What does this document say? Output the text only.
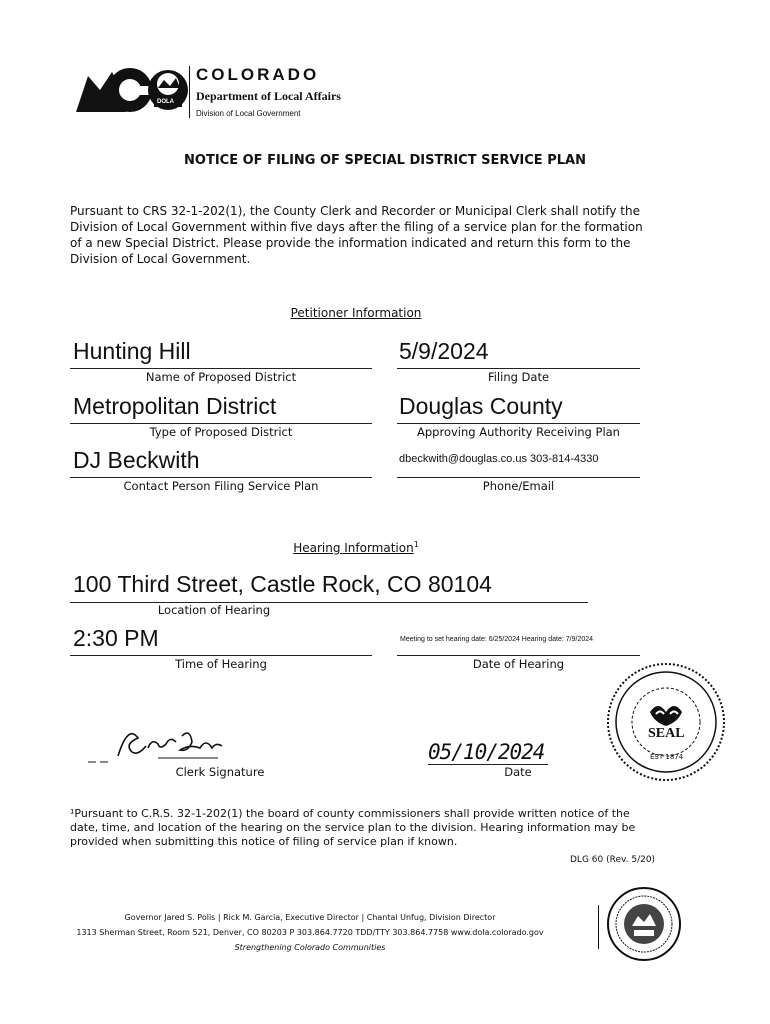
DOLA
COLORADO
Department of Local Affairs
Division of Local Government
NOTICE OF FILING OF SPECIAL DISTRICT SERVICE PLAN
Pursuant to CRS 32-1-202(1), the County Clerk and Recorder or Municipal Clerk shall notify the Division of Local Government within five days after the filing of a service plan for the formation of a new Special District. Please provide the information indicated and return this form to the Division of Local Government.
Petitioner Information
Hunting Hill
Name of Proposed District
5/9/2024
Filing Date
Metropolitan District
Type of Proposed District
Douglas County
Approving Authority Receiving Plan
DJ Beckwith
Contact Person Filing Service Plan
dbeckwith@douglas.co.us 303-814-4330
Phone/Email
Hearing Information$^1$
100 Third Street, Castle Rock, CO 80104
Location of Hearing
2:30 PM
Time of Hearing
Meeting to set hearing date: 6/25/2024 Hearing date: 7/9/2024
Date of Hearing
SEAL
EST 1874
Clerk Signature
05/10/2024
Date
¹Pursuant to C.R.S. 32-1-202(1) the board of county commissioners shall provide written notice of the date, time, and location of the hearing on the service plan to the division. Hearing information may be provided when submitting this notice of filing of service plan if known.
DLG 60 (Rev. 5/20)
Governor Jared S. Polis | Rick M. Garcia, Executive Director | Chantal Unfug, Division Director
1313 Sherman Street, Room 521, Denver, CO 80203 P 303.864.7720 TDD/TTY 303.864.7758 www.dola.colorado.gov
Strengthening Colorado Communities
